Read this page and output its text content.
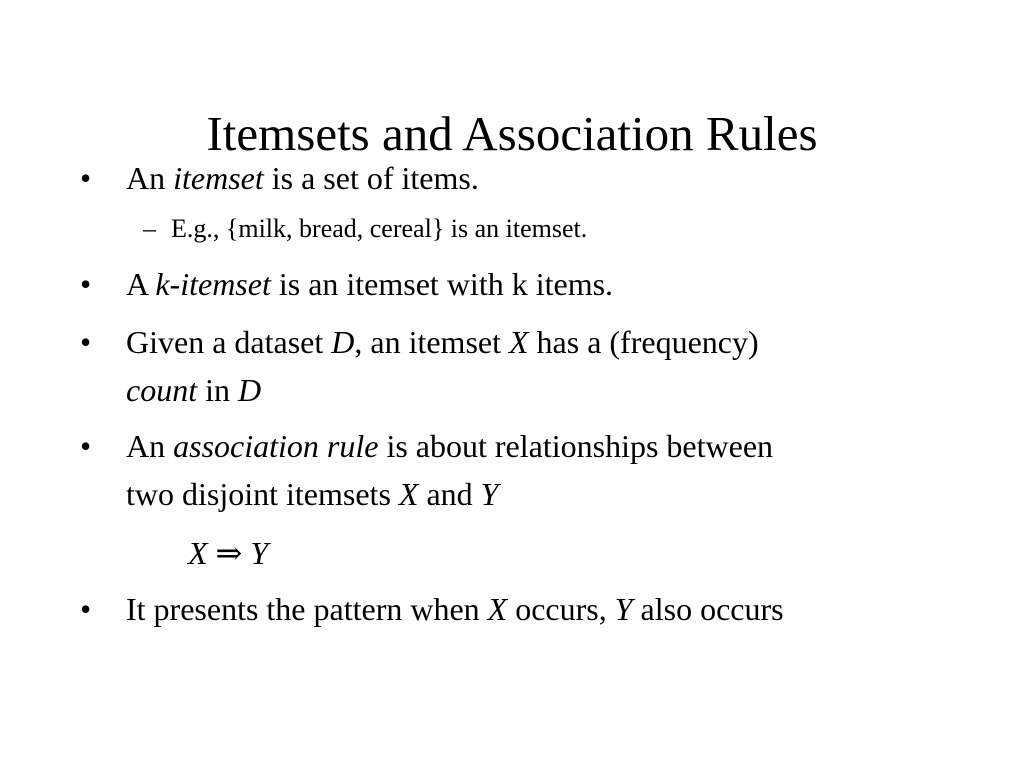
Itemsets and Association Rules
•	An itemset is a set of items.
– E.g., {milk, bread, cereal} is an itemset.
•	A k-itemset is an itemset with k items.
•	Given a dataset D, an itemset X has a (frequency)
count in D
•	An association rule is about relationships between
two disjoint itemsets X and Y
X ⇒ Y
•	It presents the pattern when X occurs, Y also occurs
